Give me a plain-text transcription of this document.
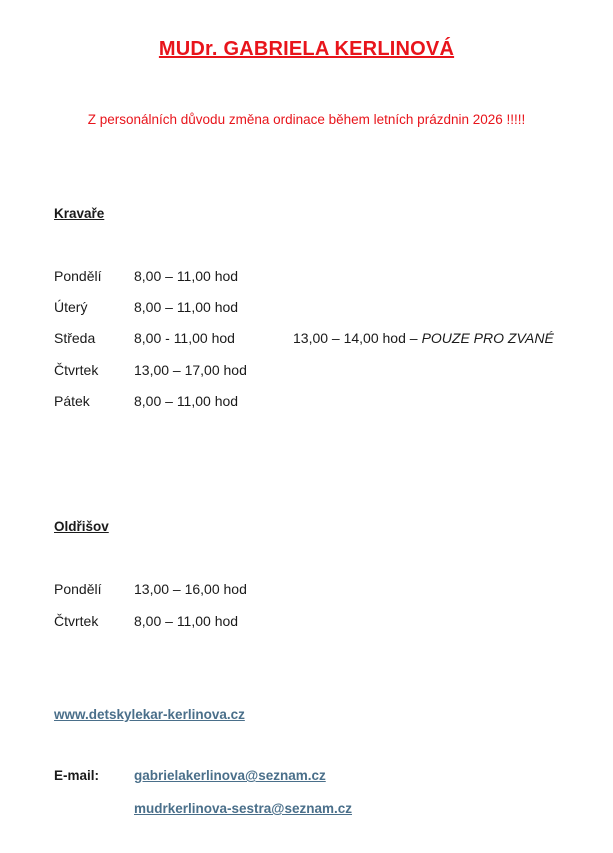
MUDr. GABRIELA KERLINOVÁ
Z personálních důvodu změna ordinace během letních prázdnin 2026 !!!!!
Kravaře
Pondělí 8,00 – 11,00 hod
Úterý	8,00 – 11,00 hod
Středa	8,00 - 11,00 hod	13,00 – 14,00 hod – POUZE PRO ZVANÉ
Čtvrtek	13,00 – 17,00 hod
Pátek	8,00 – 11,00 hod
Oldřišov
Pondělí 13,00 – 16,00 hod
Čtvrtek	8,00 – 11,00 hod
www.detskylekar-kerlinova.cz
E-mail:	gabrielakerlinova@seznam.cz
mudrkerlinova-sestra@seznam.cz
